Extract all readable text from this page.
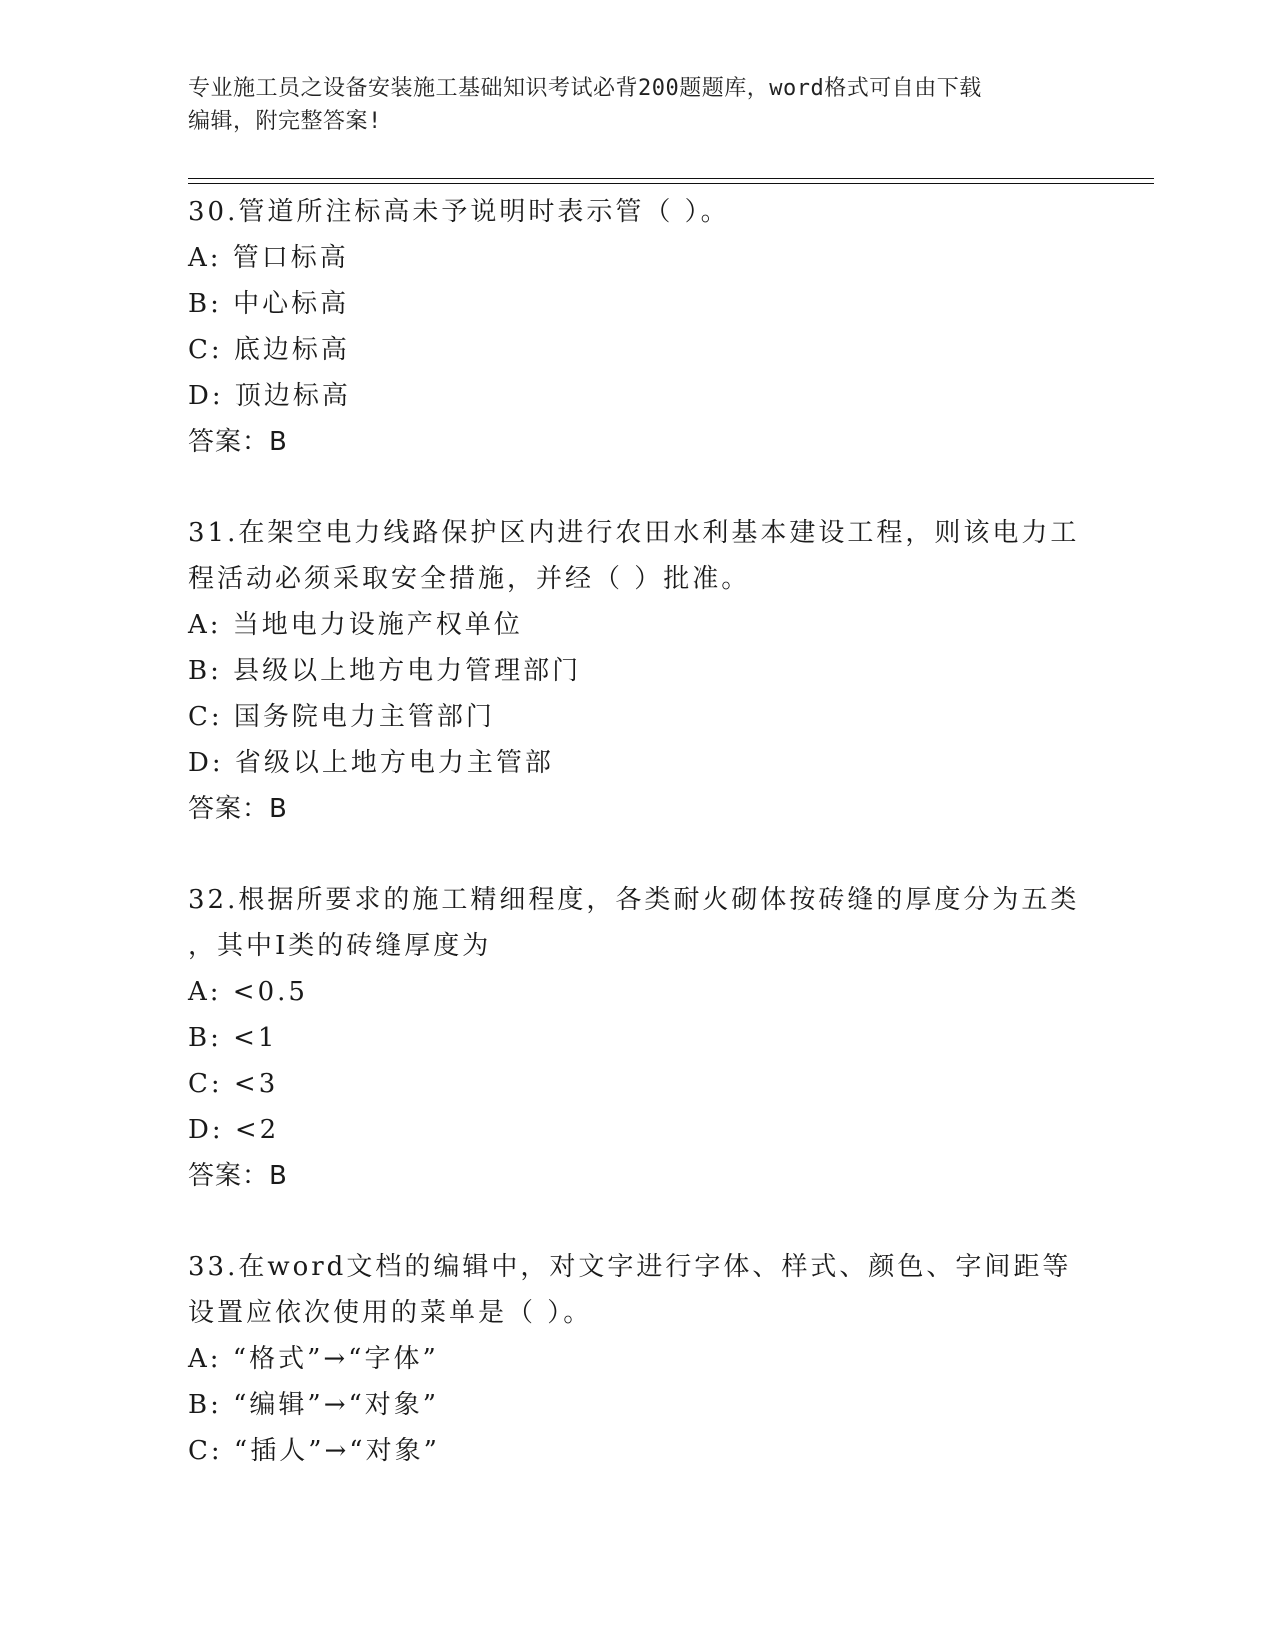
专业施工员之设备安装施工基础知识考试必背200题题库，word格式可自由下载
编辑，附完整答案!
30.管道所注标高未予说明时表示管（ ）。
A: 管口标高
B: 中心标高
C: 底边标高
D: 顶边标高
答案：B
31.在架空电力线路保护区内进行农田水利基本建设工程，则该电力工
程活动必须采取安全措施，并经（ ）批准。
A: 当地电力设施产权单位
B: 县级以上地方电力管理部门
C: 国务院电力主管部门
D: 省级以上地方电力主管部
答案：B
32.根据所要求的施工精细程度，各类耐火砌体按砖缝的厚度分为五类
，其中Ⅰ类的砖缝厚度为
A: <0.5
B: <1
C: <3
D: <2
答案：B
33.在word文档的编辑中，对文字进行字体、样式、颜色、字间距等
设置应依次使用的菜单是（ ）。
A: “格式”→“字体”
B: “编辑”→“对象”
C: “插人”→“对象”
